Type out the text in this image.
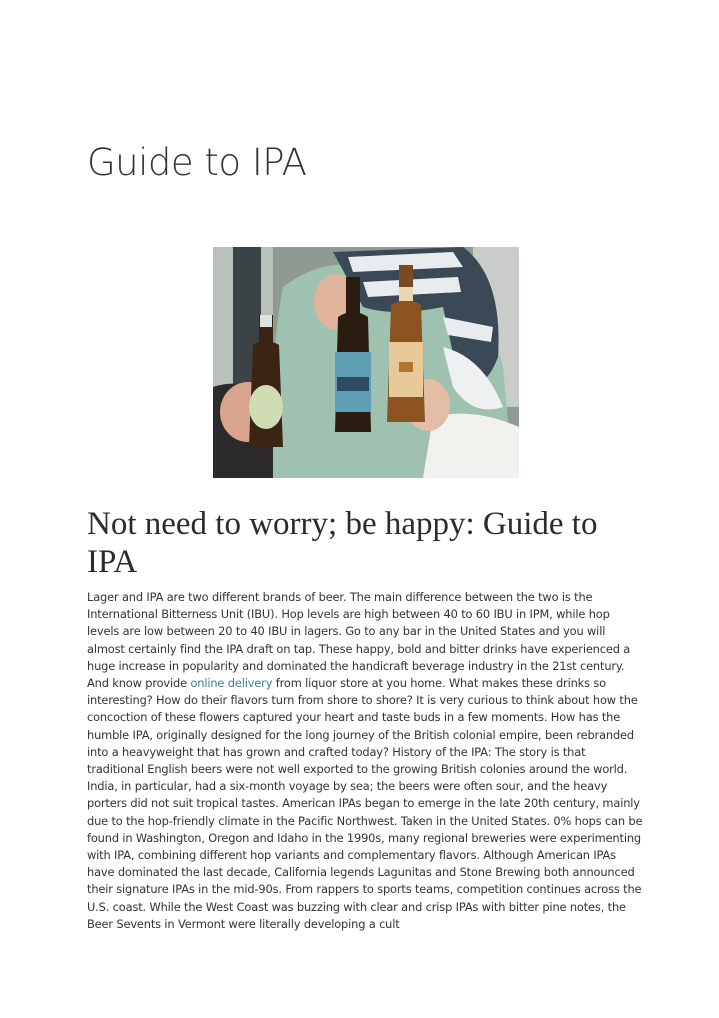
Guide to IPA
Not need to worry; be happy: Guide to IPA

Lager and IPA are two different brands of beer. The main difference between the two is the International Bitterness Unit (IBU). Hop levels are high between 40 to 60 IBU in IPM, while hop levels are low between 20 to 40 IBU in lagers. Go to any bar in the United States and you will almost certainly find the IPA draft on tap. These happy, bold and bitter drinks have experienced a huge increase in popularity and dominated the handicraft beverage industry in the 21st century. And know provide online delivery from liquor store at you home. What makes these drinks so interesting? How do their flavors turn from shore to shore? It is very curious to think about how the concoction of these flowers captured your heart and taste buds in a few moments. How has the humble IPA, originally designed for the long journey of the British colonial empire, been rebranded into a heavyweight that has grown and crafted today? History of the IPA: The story is that traditional English beers were not well exported to the growing British colonies around the world. India, in particular, had a six-month voyage by sea; the beers were often sour, and the heavy porters did not suit tropical tastes. American IPAs began to emerge in the late 20th century, mainly due to the hop-friendly climate in the Pacific Northwest. Taken in the United States. 0% hops can be found in Washington, Oregon and Idaho in the 1990s, many regional breweries were experimenting with IPA, combining different hop variants and complementary flavors. Although American IPAs have dominated the last decade, California legends Lagunitas and Stone Brewing both announced their signature IPAs in the mid-90s. From rappers to sports teams, competition continues across the U.S. coast. While the West Coast was buzzing with clear and crisp IPAs with bitter pine notes, the Beer Sevents in Vermont were literally developing a cult
